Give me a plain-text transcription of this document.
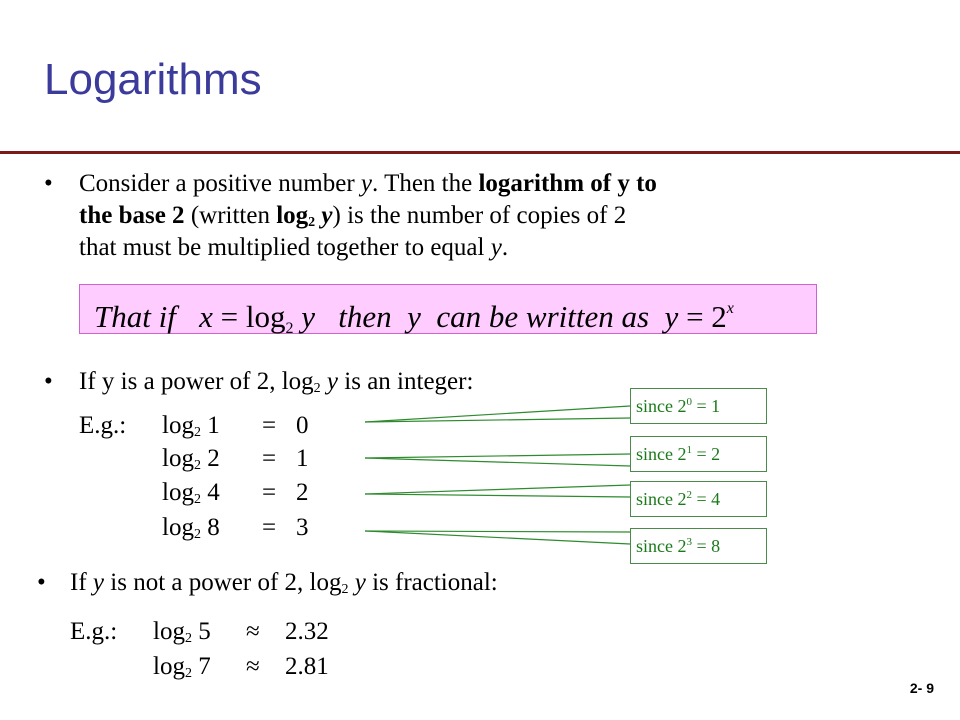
Logarithms
• Consider a positive number y. Then the logarithm of y to
the base 2 (written $\log_2 y$) is the number of copies of 2
that must be multiplied together to equal y.
That if x = log2 y then y can be written as $y = 2^x$
• If y is a power of 2, $\log_2 y$ is an integer:
E.g.: $\log_2 1 = 0$
$\log_2 2 = 1$
$\log_2 4 = 2$
$\log_2 8 = 3$
since $2^0 = 1$
since $2^1 = 2$
since $2^2 = 4$
since $2^3 = 8$
• If y is not a power of 2, $\log_2 y$ is fractional:
E.g.: $\log_2 5 \approx 2.32$
$\log_2 7 \approx 2.81$
2- 9
